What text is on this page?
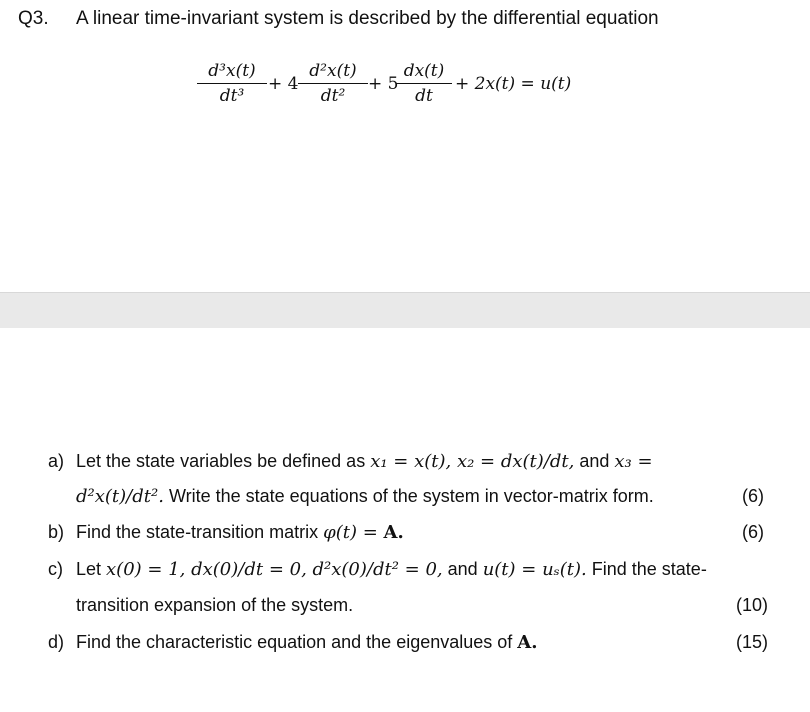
Q3. A linear time-invariant system is described by the differential equation
$\frac{\text{d³x(t)}}{\text{dt³}} + 4 \frac{\text{d²x(t)}}{\text{dt²}} + 5$
$\frac{dx(t)}{dt} + 2x(t) = u(t)$
a) Let the state variables be defined as x₁ = x(t), x₂ = dx(t)/dt, and x₃ =
d²x(t)/dt². Write the state equations of the system in vector-matrix form.	(6)
b) Find the state-transition matrix φ(t) = A.	(6)
c) Let x(0) = 1, dx(0)/dt = 0, d²x(0)/dt² = 0, and u(t) = uₛ(t). Find the state-
transition expansion of the system.	(10)
d) Find the characteristic equation and the eigenvalues of A.	(15)
